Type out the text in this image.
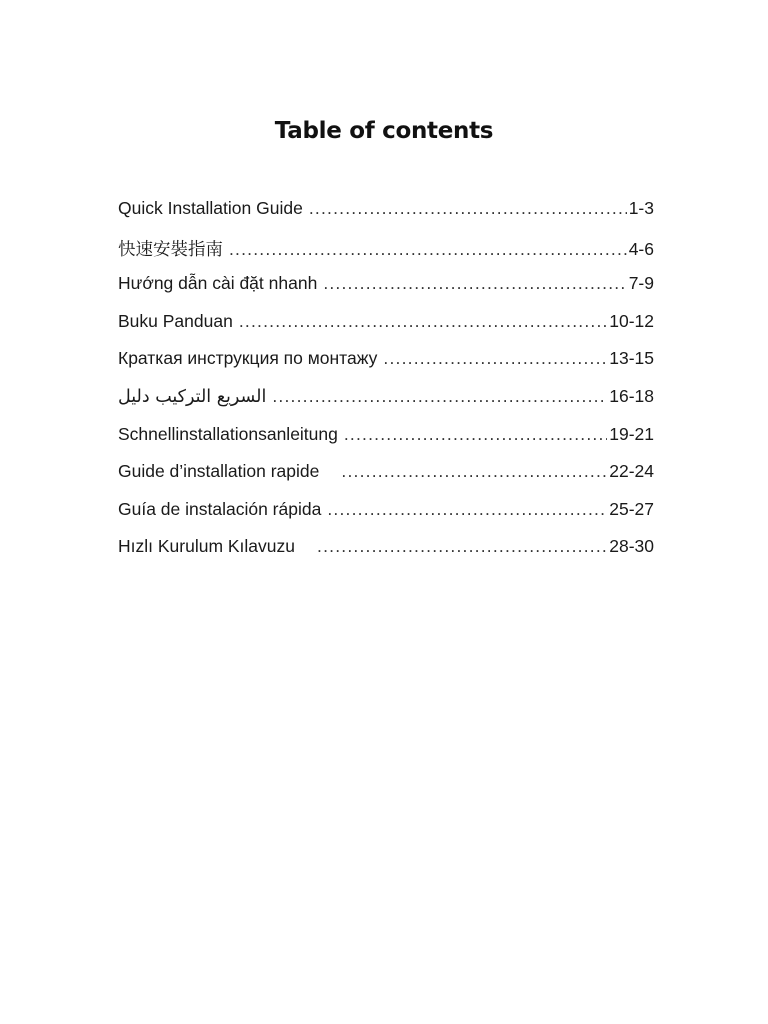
Table of contents
Quick Installation Guide .....	1-3
快速安裝指南 .....	4-6
Hướng dẫn cài đặt nhanh .....	7-9
Buku Panduan .....	10-12
Краткая инструкция по монтажу .....	13-15
السريع التركيب دليل .....	16-18
Schnellinstallationsanleitung .....	19-21
Guide d’installation rapide .....	22-24
Guía de instalación rápida .....	25-27
Hızlı Kurulum Kılavuzu .....	28-30
